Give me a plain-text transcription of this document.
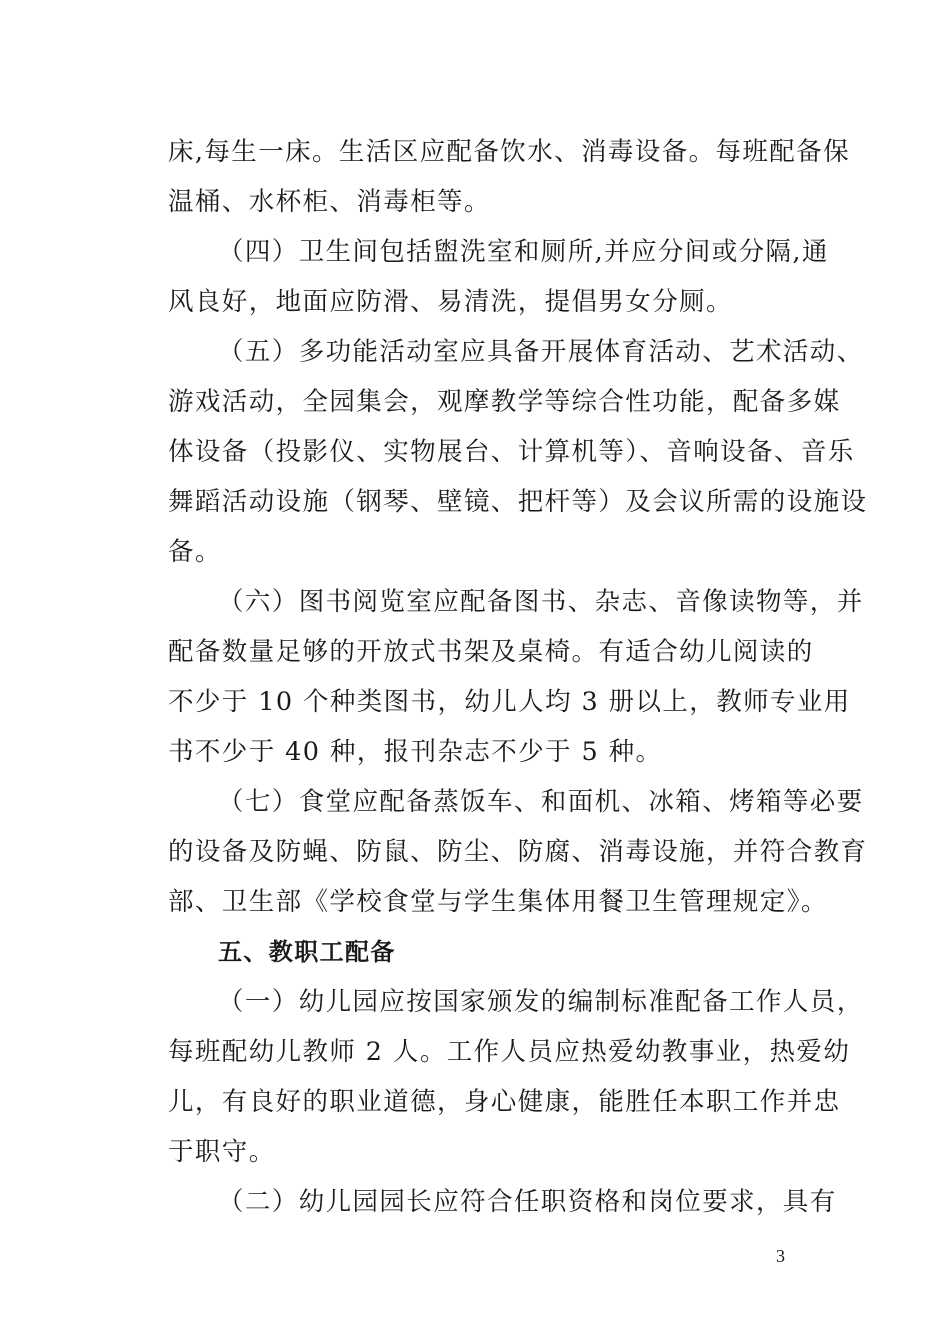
床,每生一床。生活区应配备饮水、消毒设备。每班配备保
温桶、水杯柜、消毒柜等。
（四）卫生间包括盥洗室和厕所,并应分间或分隔,通
风良好，地面应防滑、易清洗，提倡男女分厕。
（五）多功能活动室应具备开展体育活动、艺术活动、
游戏活动，全园集会，观摩教学等综合性功能，配备多媒
体设备（投影仪、实物展台、计算机等）、音响设备、音乐
舞蹈活动设施（钢琴、壁镜、把杆等）及会议所需的设施设
备。
（六）图书阅览室应配备图书、杂志、音像读物等，并
配备数量足够的开放式书架及桌椅。有适合幼儿阅读的
不少于 10 个种类图书，幼儿人均 3 册以上，教师专业用
书不少于 40 种，报刊杂志不少于 5 种。
（七）食堂应配备蒸饭车、和面机、冰箱、烤箱等必要
的设备及防蝇、防鼠、防尘、防腐、消毒设施，并符合教育
部、卫生部《学校食堂与学生集体用餐卫生管理规定》。
五、教职工配备
（一）幼儿园应按国家颁发的编制标准配备工作人员，
每班配幼儿教师 2 人。工作人员应热爱幼教事业，热爱幼
儿，有良好的职业道德，身心健康，能胜任本职工作并忠
于职守。
（二）幼儿园园长应符合任职资格和岗位要求，具有
3
